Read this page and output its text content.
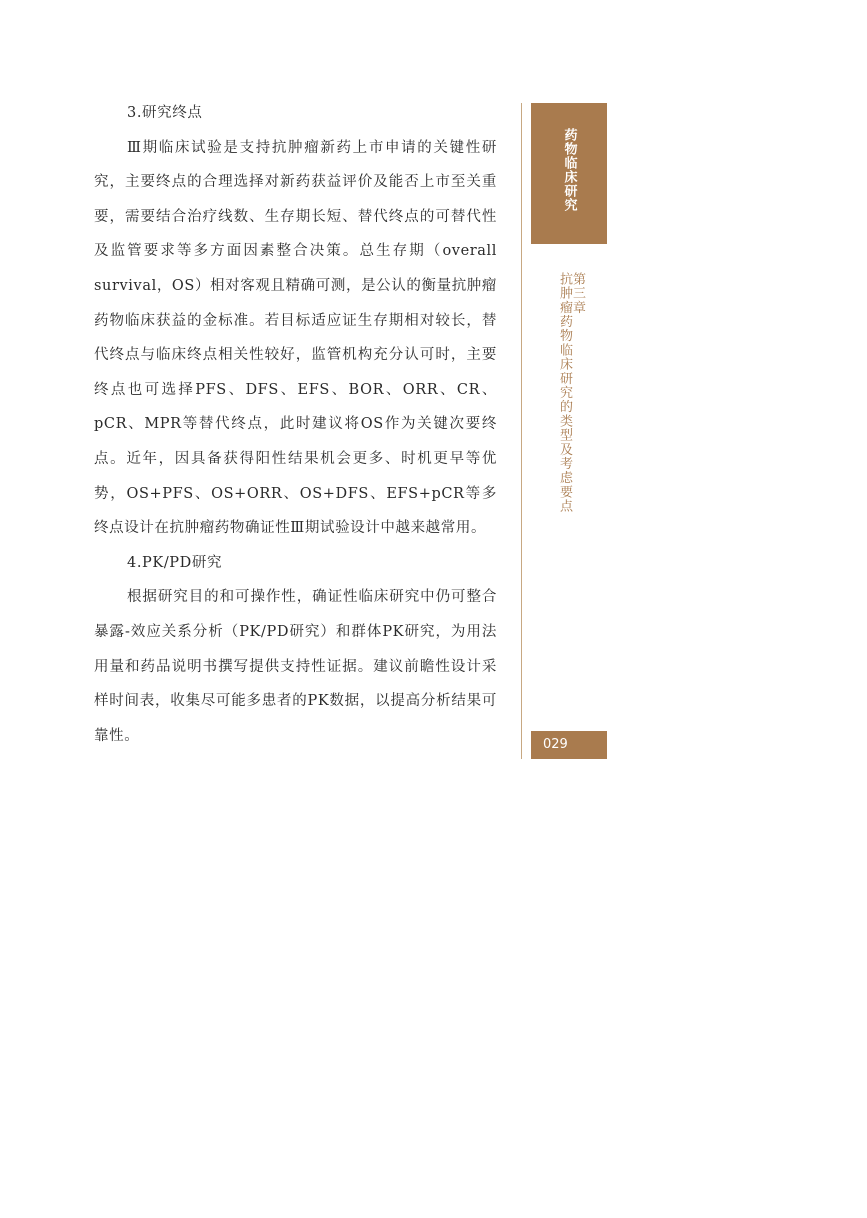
3.研究终点

Ⅲ期临床试验是支持抗肿瘤新药上市申请的关键性研究，主要终点的合理选择对新药获益评价及能否上市至关重要，需要结合治疗线数、生存期长短、替代终点的可替代性及监管要求等多方面因素整合决策。总生存期（overall survival，OS）相对客观且精确可测，是公认的衡量抗肿瘤药物临床获益的金标准。若目标适应证生存期相对较长，替代终点与临床终点相关性较好，监管机构充分认可时，主要终点也可选择PFS、DFS、EFS、BOR、ORR、CR、pCR、MPR等替代终点，此时建议将OS作为关键次要终点。近年，因具备获得阳性结果机会更多、时机更早等优势，OS+PFS、OS+ORR、OS+DFS、EFS+pCR等多终点设计在抗肿瘤药物确证性Ⅲ期试验设计中越来越常用。

4.PK/PD研究

根据研究目的和可操作性，确证性临床研究中仍可整合暴露-效应关系分析（PK/PD研究）和群体PK研究，为用法用量和药品说明书撰写提供支持性证据。建议前瞻性设计采样时间表，收集尽可能多患者的PK数据，以提高分析结果可靠性。

药物临床研究
第三章
抗肿瘤药物临床研究的类型及考虑要点
029
